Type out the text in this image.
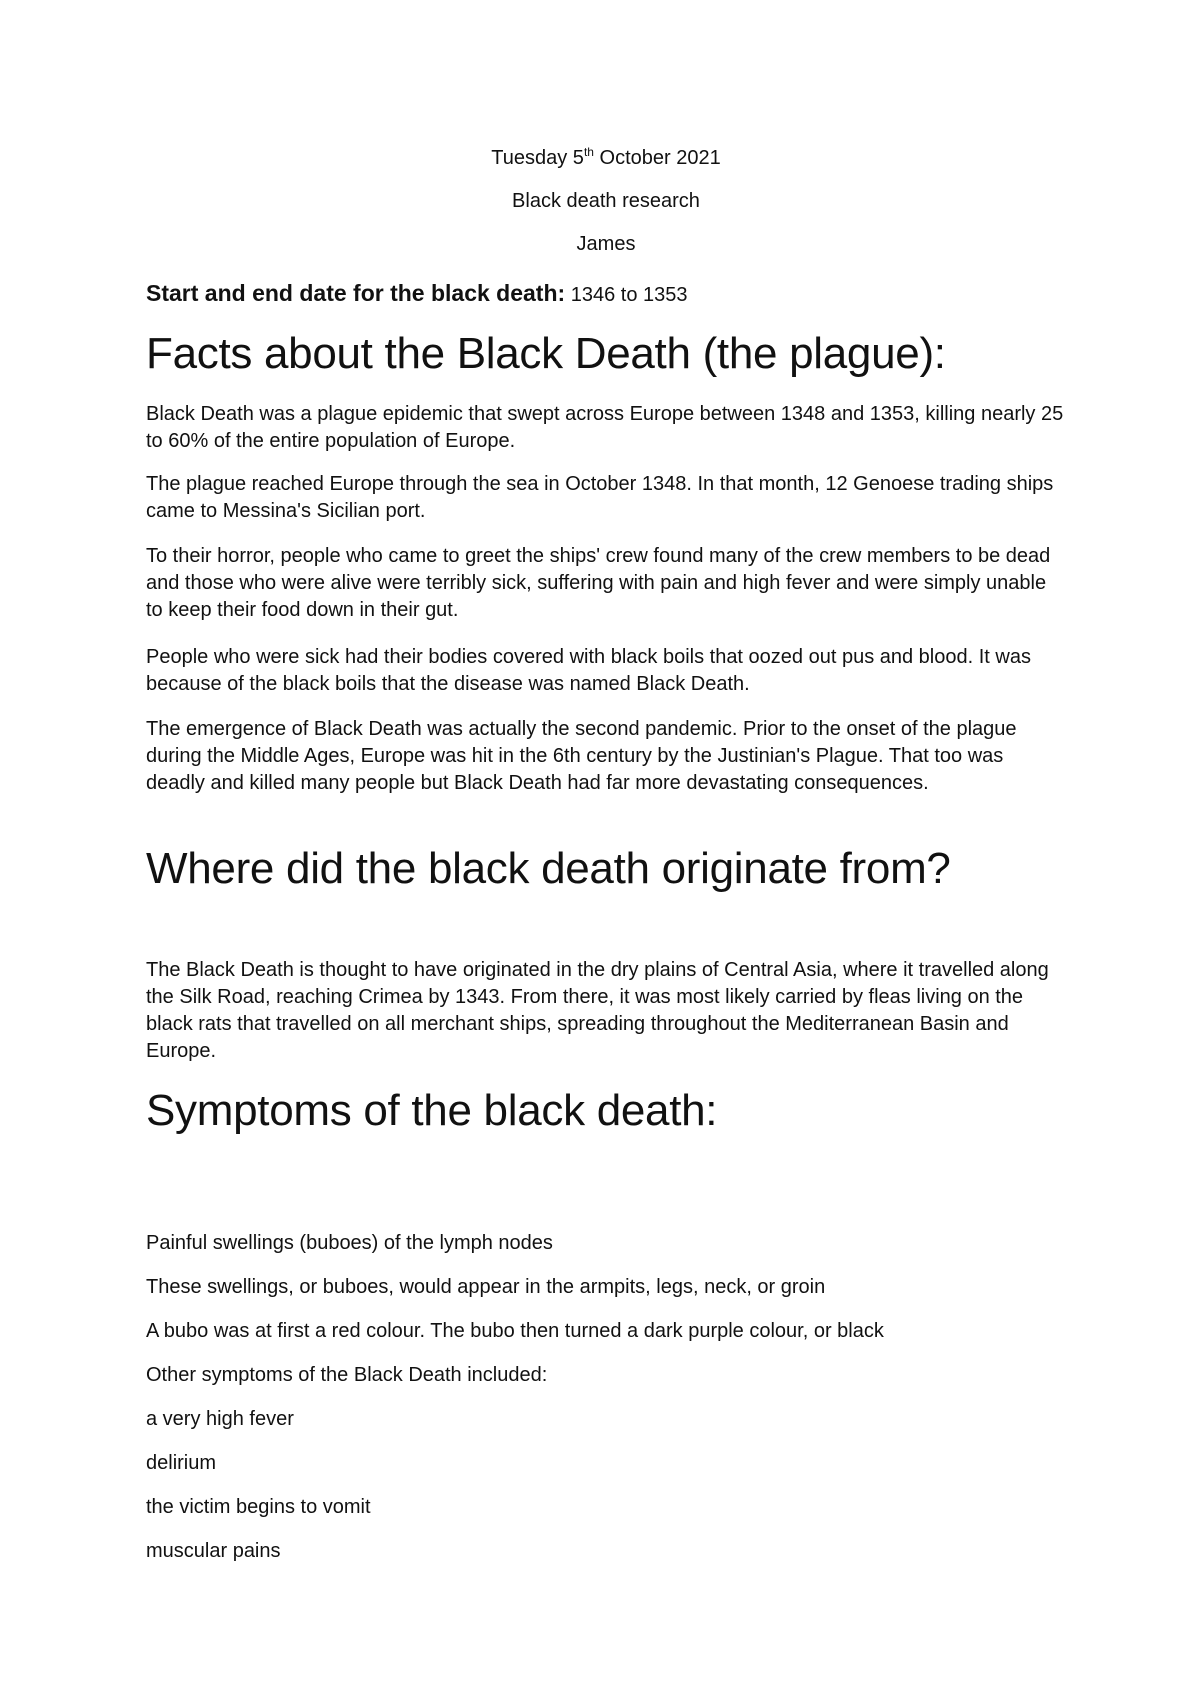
Tuesday 5th October 2021
Black death research
James
Start and end date for the black death: 1346 to 1353
Facts about the Black Death (the plague):

Black Death was a plague epidemic that swept across Europe between 1348 and 1353, killing nearly 25 to 60% of the entire population of Europe.

The plague reached Europe through the sea in October 1348. In that month, 12 Genoese trading ships came to Messina's Sicilian port.

To their horror, people who came to greet the ships' crew found many of the crew members to be dead and those who were alive were terribly sick, suffering with pain and high fever and were simply unable to keep their food down in their gut.

People who were sick had their bodies covered with black boils that oozed out pus and blood. It was because of the black boils that the disease was named Black Death.

The emergence of Black Death was actually the second pandemic. Prior to the onset of the plague during the Middle Ages, Europe was hit in the 6th century by the Justinian's Plague. That too was deadly and killed many people but Black Death had far more devastating consequences.

Where did the black death originate from?

The Black Death is thought to have originated in the dry plains of Central Asia, where it travelled along the Silk Road, reaching Crimea by 1343. From there, it was most likely carried by fleas living on the black rats that travelled on all merchant ships, spreading throughout the Mediterranean Basin and Europe.

Symptoms of the black death:

Painful swellings (buboes) of the lymph nodes

These swellings, or buboes, would appear in the armpits, legs, neck, or groin

A bubo was at first a red colour. The bubo then turned a dark purple colour, or black

Other symptoms of the Black Death included:

a very high fever

delirium

the victim begins to vomit

muscular pains
